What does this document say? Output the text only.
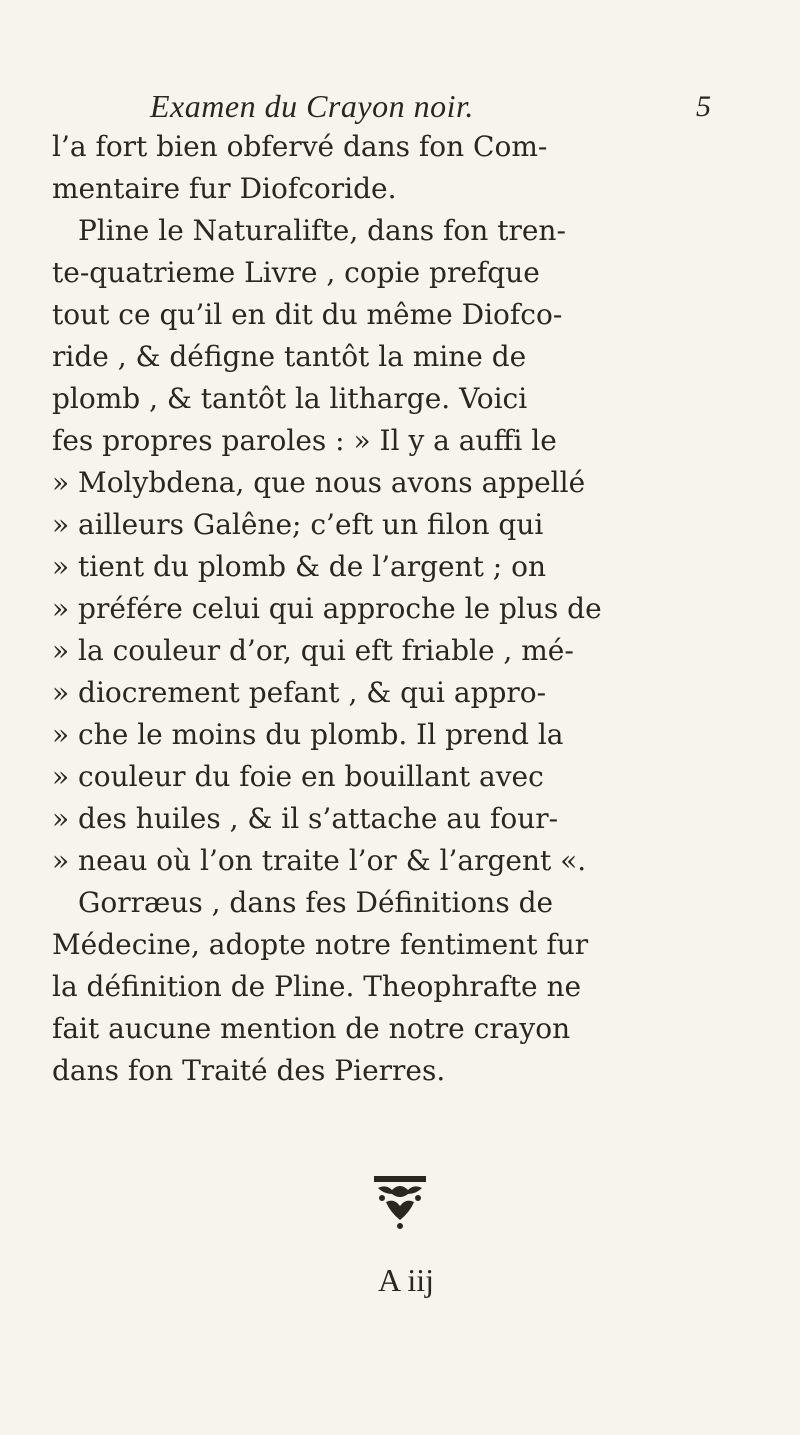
Examen du Crayon noir.	5
l’a fort bien obfervé dans fon Com-
mentaire fur Diofcoride.
Pline le Naturalifte, dans fon tren-
te-quatrieme Livre , copie prefque
tout ce qu’il en dit du même Diofco-
ride , & défigne tantôt la mine de
plomb , & tantôt la litharge. Voici
fes propres paroles : » Il y a auffi le
» Molybdena, que nous avons appellé
» ailleurs Galêne; c’eft un filon qui
» tient du plomb & de l’argent ; on
» préfére celui qui approche le plus de
» la couleur d’or, qui eft friable , mé-
» diocrement pefant , & qui appro-
» che le moins du plomb. Il prend la
» couleur du foie en bouillant avec
» des huiles , & il s’attache au four-
» neau où l’on traite l’or & l’argent «.
Gorræus , dans fes Définitions de
Médecine, adopte notre fentiment fur
la définition de Pline. Theophrafte ne
fait aucune mention de notre crayon
dans fon Traité des Pierres.
A iij
